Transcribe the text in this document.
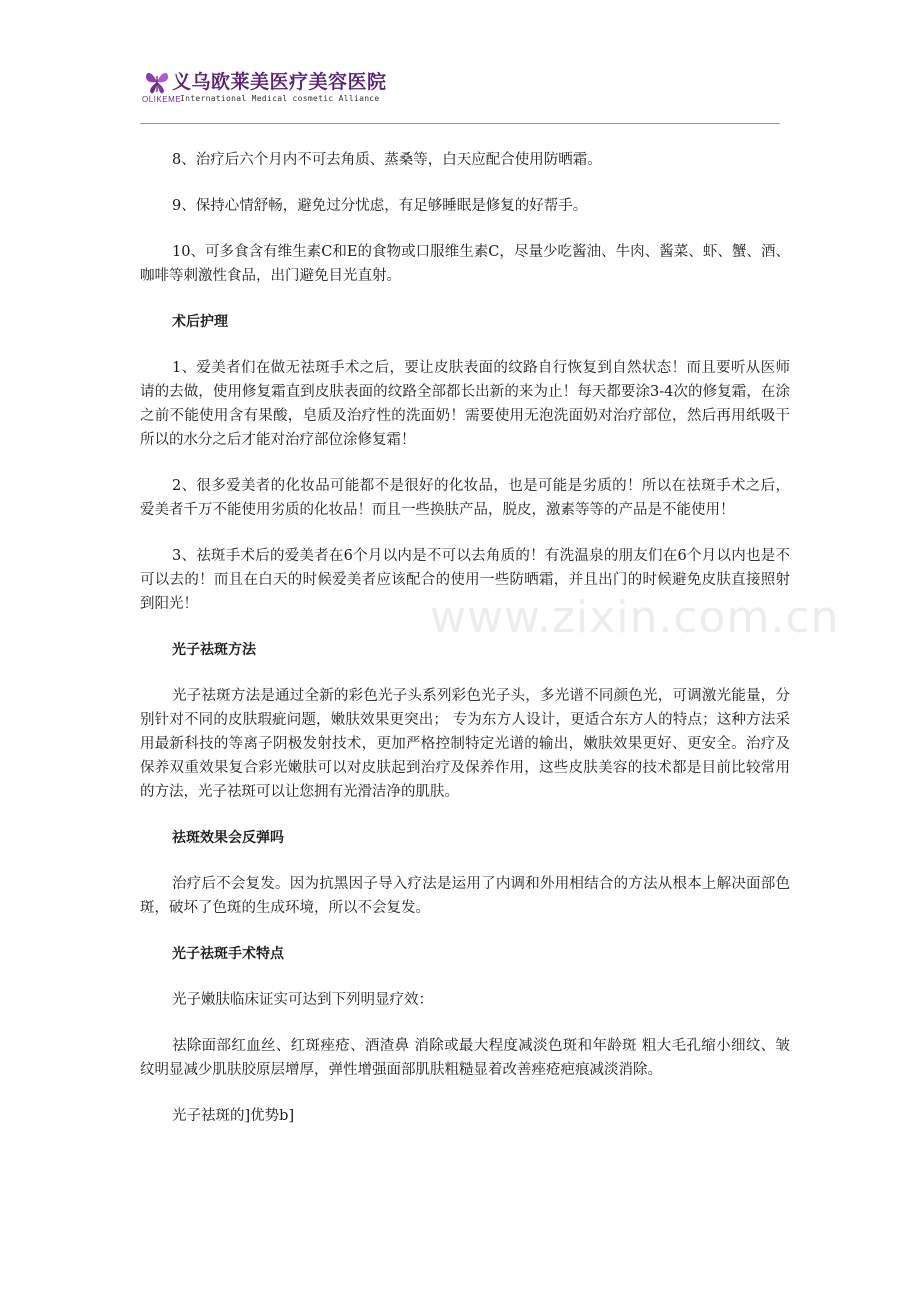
OLIKEME
义乌欧莱美医疗美容医院
International Medical cosmetic Alliance
www.zixin.com.cn

8、治疗后六个月内不可去角质、蒸桑等，白天应配合使用防晒霜。

9、保持心情舒畅，避免过分忧虑，有足够睡眠是修复的好帮手。

10、可多食含有维生素C和E的食物或口服维生素C，尽量少吃酱油、牛肉、酱菜、虾、蟹、酒、咖啡等刺激性食品，出门避免目光直射。

术后护理

1、爱美者们在做无祛斑手术之后，要让皮肤表面的纹路自行恢复到自然状态！而且要听从医师请的去做，使用修复霜直到皮肤表面的纹路全部都长出新的来为止！每天都要涂3-4次的修复霜，在涂之前不能使用含有果酸，皂质及治疗性的洗面奶！需要使用无泡洗面奶对治疗部位，然后再用纸吸干所以的水分之后才能对治疗部位涂修复霜！

2、很多爱美者的化妆品可能都不是很好的化妆品，也是可能是劣质的！所以在祛斑手术之后，爱美者千万不能使用劣质的化妆品！而且一些换肤产品，脱皮，激素等等的产品是不能使用！

3、祛斑手术后的爱美者在6个月以内是不可以去角质的！有洗温泉的朋友们在6个月以内也是不可以去的！而且在白天的时候爱美者应该配合的使用一些防晒霜，并且出门的时候避免皮肤直接照射到阳光！

光子祛斑方法

光子祛斑方法是通过全新的彩色光子头系列彩色光子头，多光谱不同颜色光，可调激光能量，分别针对不同的皮肤瑕疵问题，嫩肤效果更突出； 专为东方人设计，更适合东方人的特点；这种方法采用最新科技的等离子阴极发射技术，更加严格控制特定光谱的输出，嫩肤效果更好、更安全。治疗及保养双重效果复合彩光嫩肤可以对皮肤起到治疗及保养作用，这些皮肤美容的技术都是目前比较常用的方法，光子祛斑可以让您拥有光滑洁净的肌肤。

祛斑效果会反弹吗

治疗后不会复发。因为抗黑因子导入疗法是运用了内调和外用相结合的方法从根本上解决面部色斑，破坏了色斑的生成环境，所以不会复发。

光子祛斑手术特点

光子嫩肤临床证实可达到下列明显疗效：

祛除面部红血丝、红斑痤疮、酒渣鼻 消除或最大程度减淡色斑和年龄斑 粗大毛孔缩小细纹、皱纹明显减少肌肤胶原层增厚，弹性增强面部肌肤粗糙显着改善痤疮疤痕减淡消除。

光子祛斑的]优势b]
